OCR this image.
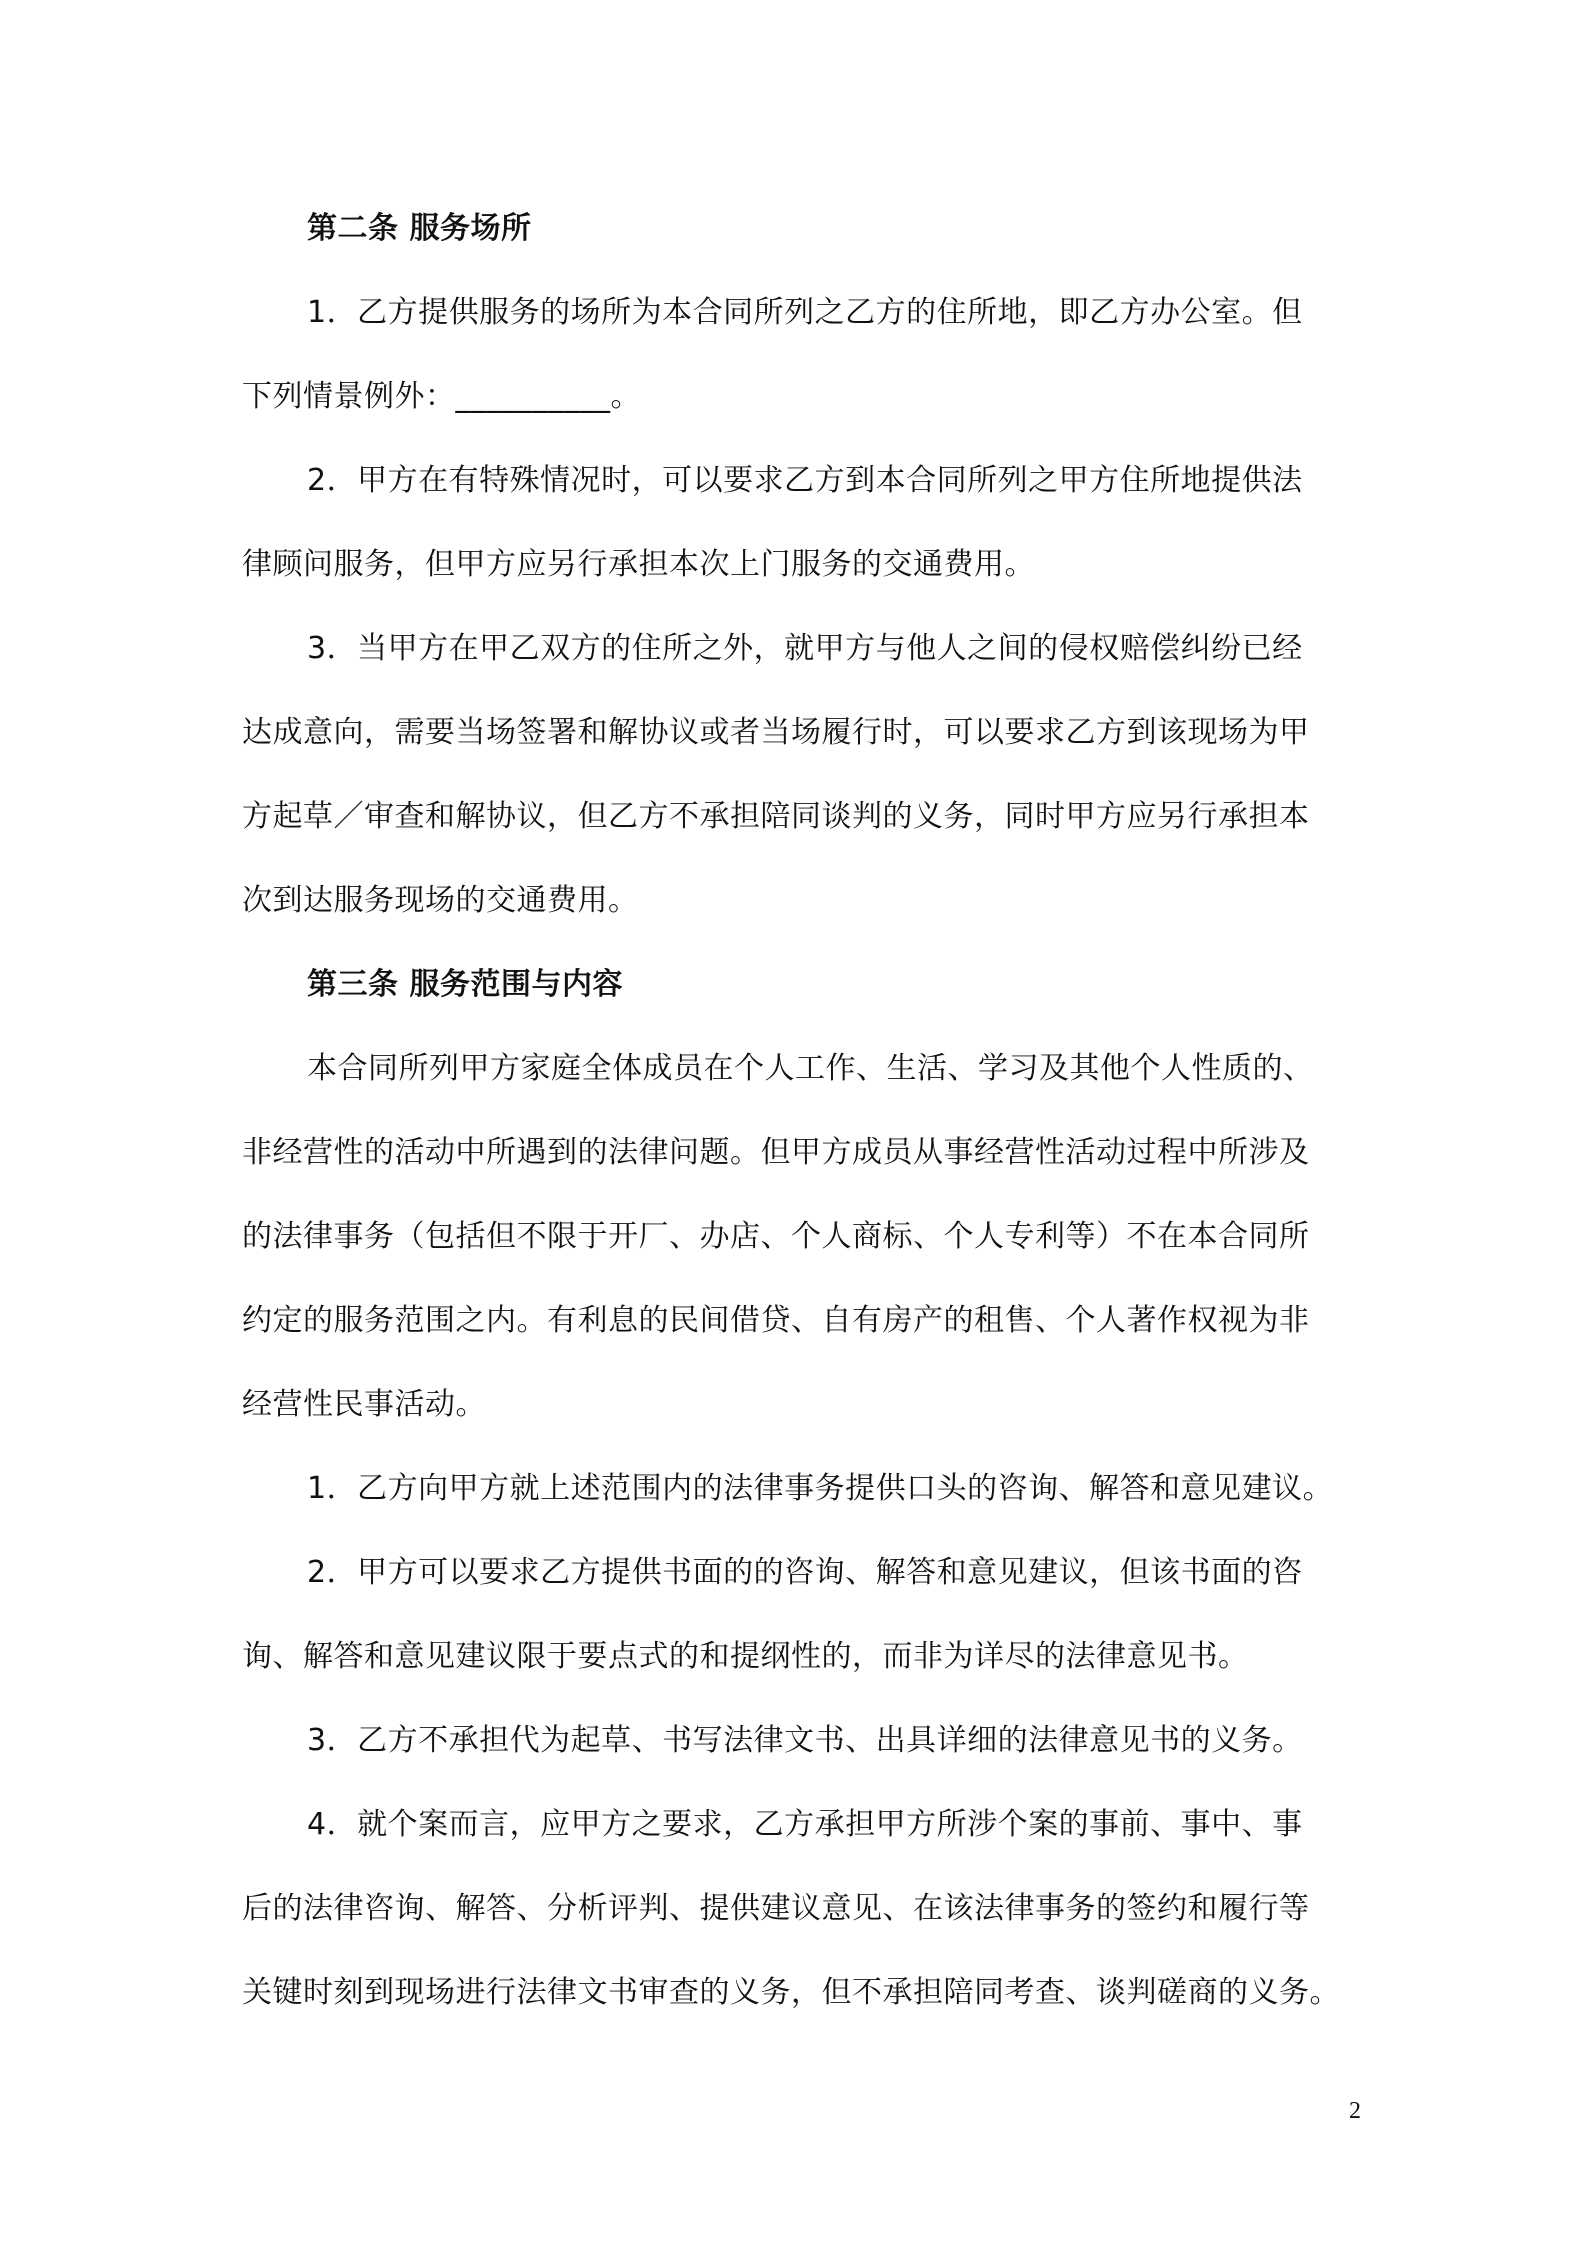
第二条 服务场所
1．乙方提供服务的场所为本合同所列之乙方的住所地，即乙方办公室。但
下列情景例外：__________。
2．甲方在有特殊情况时，可以要求乙方到本合同所列之甲方住所地提供法
律顾问服务，但甲方应另行承担本次上门服务的交通费用。
3．当甲方在甲乙双方的住所之外，就甲方与他人之间的侵权赔偿纠纷已经
达成意向，需要当场签署和解协议或者当场履行时，可以要求乙方到该现场为甲
方起草／审查和解协议，但乙方不承担陪同谈判的义务，同时甲方应另行承担本
次到达服务现场的交通费用。
第三条 服务范围与内容
本合同所列甲方家庭全体成员在个人工作、生活、学习及其他个人性质的、
非经营性的活动中所遇到的法律问题。但甲方成员从事经营性活动过程中所涉及
的法律事务（包括但不限于开厂、办店、个人商标、个人专利等）不在本合同所
约定的服务范围之内。有利息的民间借贷、自有房产的租售、个人著作权视为非
经营性民事活动。
1．乙方向甲方就上述范围内的法律事务提供口头的咨询、解答和意见建议。
2．甲方可以要求乙方提供书面的的咨询、解答和意见建议，但该书面的咨
询、解答和意见建议限于要点式的和提纲性的，而非为详尽的法律意见书。
3．乙方不承担代为起草、书写法律文书、出具详细的法律意见书的义务。
4．就个案而言，应甲方之要求，乙方承担甲方所涉个案的事前、事中、事
后的法律咨询、解答、分析评判、提供建议意见、在该法律事务的签约和履行等
关键时刻到现场进行法律文书审查的义务，但不承担陪同考查、谈判磋商的义务。
2
